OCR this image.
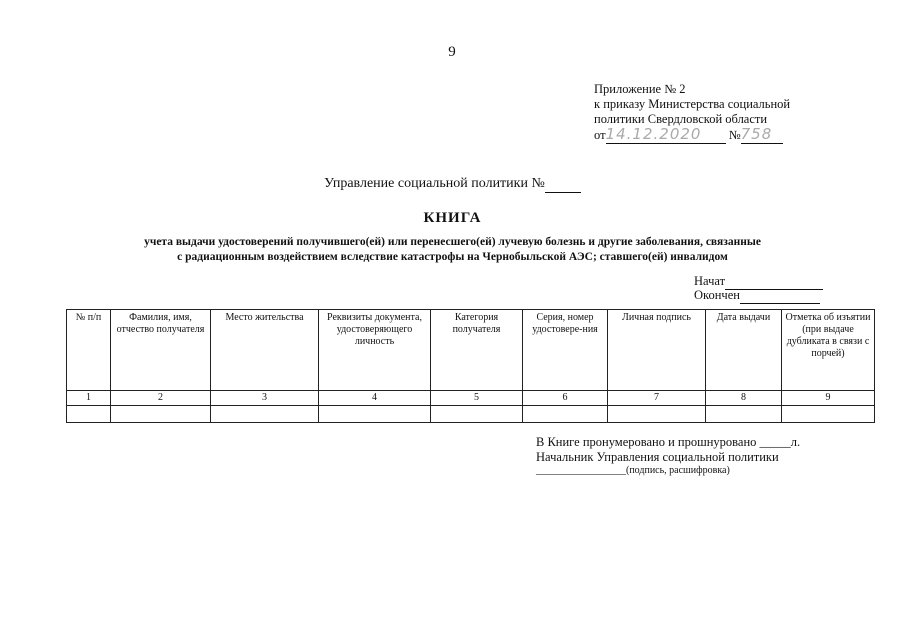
9
Приложение № 2
к приказу Министерства социальной
политики Свердловской области
от14.12.2020 №758
Управление социальной политики №
КНИГА
учета выдачи удостоверений получившего(ей) или перенесшего(ей) лучевую болезнь и другие заболевания, связанные
с радиационным воздействием вследствие катастрофы на Чернобыльской АЭС; ставшего(ей) инвалидом
Начат
Окончен
№ п/п	Фамилия, имя, отчество получателя	Место жительства	Реквизиты документа, удостоверяющего личность	Категория получателя	Серия, номер удостовере-ния	Личная подпись	Дата выдачи	Отметка об изъятии (при выдаче дубликата в связи с порчей)
1	2	3	4	5	6	7	8	9

В Книге пронумеровано и прошнуровано _____л.
Начальник Управления социальной политики
__________________(подпись, расшифровка)
